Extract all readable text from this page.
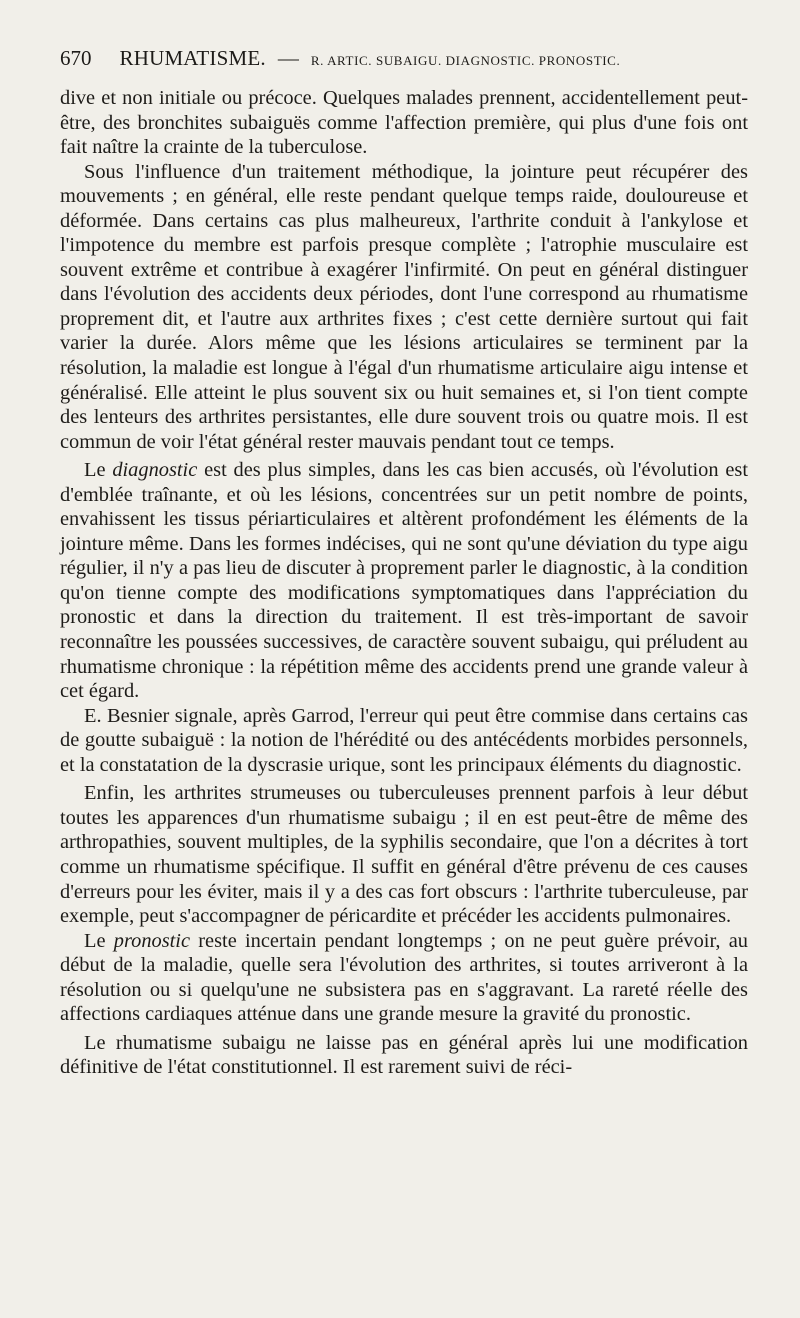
670 RHUMATISME. — R. ARTIC. SUBAIGU. DIAGNOSTIC. PRONOSTIC.

dive et non initiale ou précoce. Quelques malades prennent, accidentellement peut-être, des bronchites subaiguës comme l'affection première, qui plus d'une fois ont fait naître la crainte de la tuberculose.

Sous l'influence d'un traitement méthodique, la jointure peut récupérer des mouvements ; en général, elle reste pendant quelque temps raide, douloureuse et déformée. Dans certains cas plus malheureux, l'arthrite conduit à l'ankylose et l'impotence du membre est parfois presque complète ; l'atrophie musculaire est souvent extrême et contribue à exagérer l'infirmité. On peut en général distinguer dans l'évolution des accidents deux périodes, dont l'une correspond au rhumatisme proprement dit, et l'autre aux arthrites fixes ; c'est cette dernière surtout qui fait varier la durée. Alors même que les lésions articulaires se terminent par la résolution, la maladie est longue à l'égal d'un rhumatisme articulaire aigu intense et généralisé. Elle atteint le plus souvent six ou huit semaines et, si l'on tient compte des lenteurs des arthrites persistantes, elle dure souvent trois ou quatre mois. Il est commun de voir l'état général rester mauvais pendant tout ce temps.

Le diagnostic est des plus simples, dans les cas bien accusés, où l'évolution est d'emblée traînante, et où les lésions, concentrées sur un petit nombre de points, envahissent les tissus périarticulaires et altèrent profondément les éléments de la jointure même. Dans les formes indécises, qui ne sont qu'une déviation du type aigu régulier, il n'y a pas lieu de discuter à proprement parler le diagnostic, à la condition qu'on tienne compte des modifications symptomatiques dans l'appréciation du pronostic et dans la direction du traitement. Il est très-important de savoir reconnaître les poussées successives, de caractère souvent subaigu, qui préludent au rhumatisme chronique : la répétition même des accidents prend une grande valeur à cet égard.

E. Besnier signale, après Garrod, l'erreur qui peut être commise dans certains cas de goutte subaiguë : la notion de l'hérédité ou des antécédents morbides personnels, et la constatation de la dyscrasie urique, sont les principaux éléments du diagnostic.

Enfin, les arthrites strumeuses ou tuberculeuses prennent parfois à leur début toutes les apparences d'un rhumatisme subaigu ; il en est peut-être de même des arthropathies, souvent multiples, de la syphilis secondaire, que l'on a décrites à tort comme un rhumatisme spécifique. Il suffit en général d'être prévenu de ces causes d'erreurs pour les éviter, mais il y a des cas fort obscurs : l'arthrite tuberculeuse, par exemple, peut s'accompagner de péricardite et précéder les accidents pulmonaires.

Le pronostic reste incertain pendant longtemps ; on ne peut guère prévoir, au début de la maladie, quelle sera l'évolution des arthrites, si toutes arriveront à la résolution ou si quelqu'une ne subsistera pas en s'aggravant. La rareté réelle des affections cardiaques atténue dans une grande mesure la gravité du pronostic.

Le rhumatisme subaigu ne laisse pas en général après lui une modification définitive de l'état constitutionnel. Il est rarement suivi de réci-
